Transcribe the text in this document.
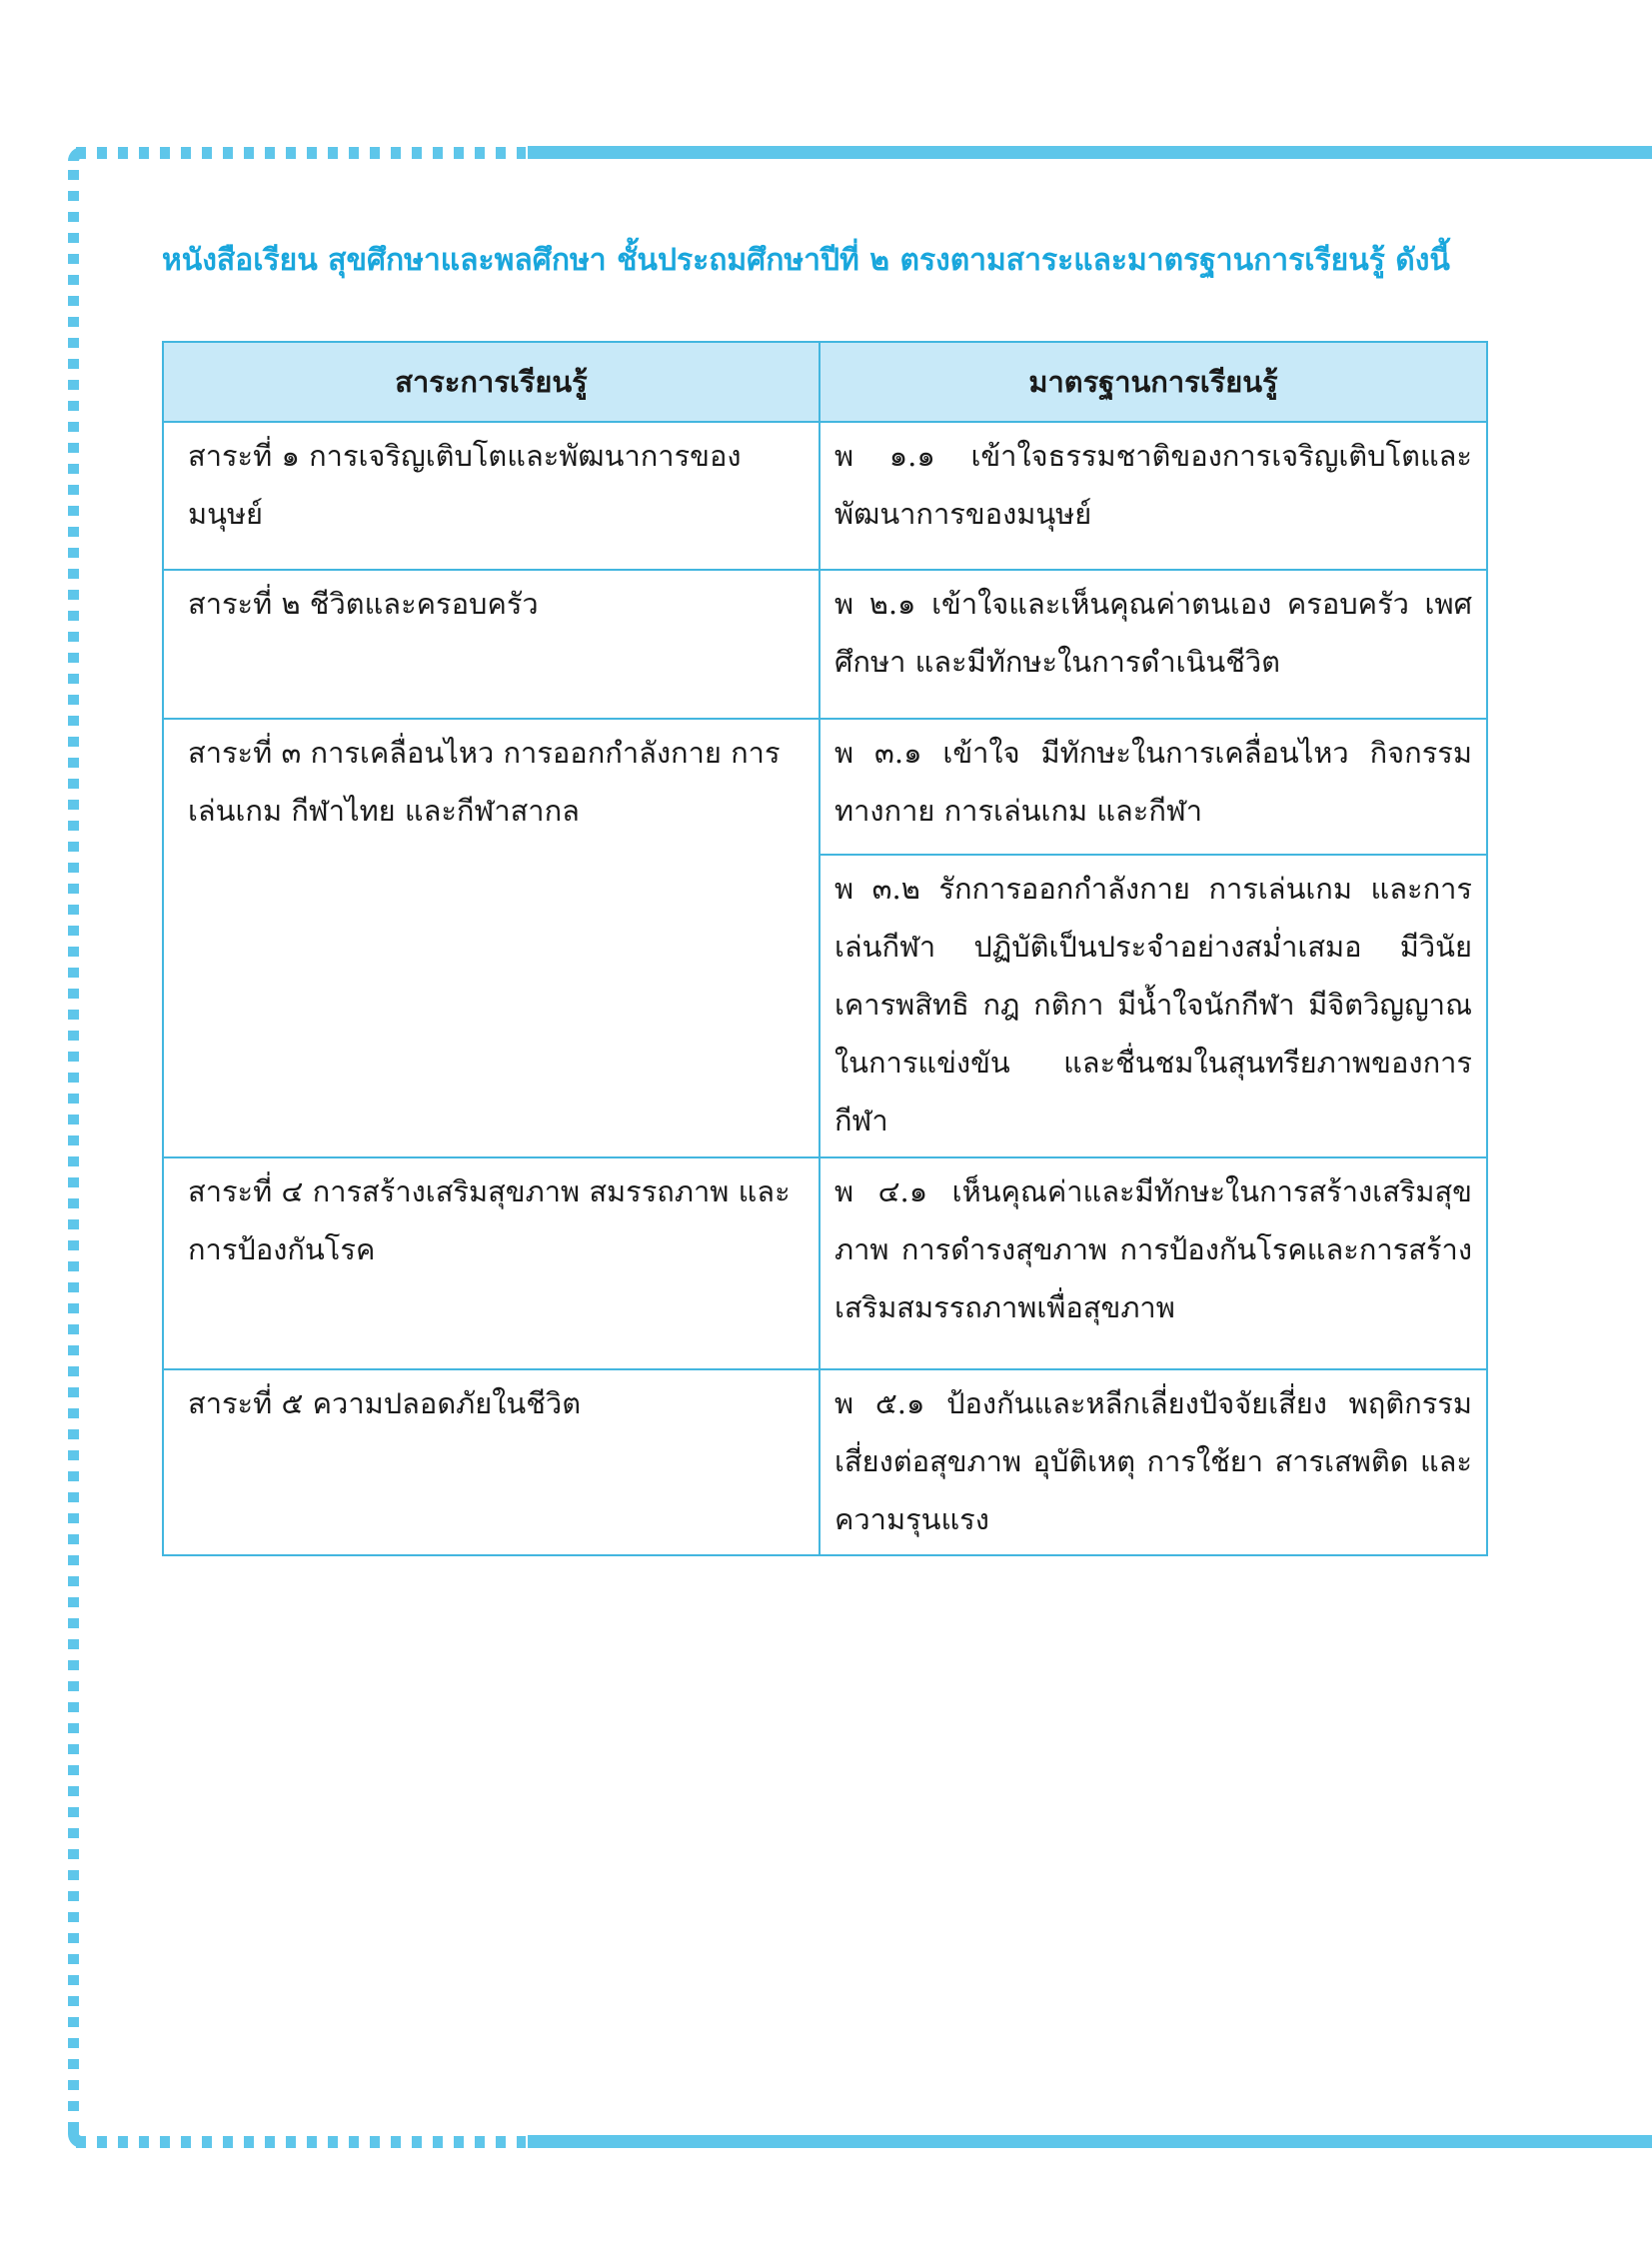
หนังสือเรียน สุขศึกษาและพลศึกษา ชั้นประถมศึกษาปีที่ ๒ ตรงตามสาระและมาตรฐานการเรียนรู้ ดังนี้
สาระการเรียนรู้	มาตรฐานการเรียนรู้
สาระที่ ๑ การเจริญเติบโตและพัฒนาการของมนุษย์	พ ๑.๑ เข้าใจธรรมชาติของการเจริญเติบโตและพัฒนาการของมนุษย์
สาระที่ ๒ ชีวิตและครอบครัว	พ ๒.๑ เข้าใจและเห็นคุณค่าตนเอง ครอบครัว เพศศึกษา และมีทักษะในการดำเนินชีวิต
สาระที่ ๓ การเคลื่อนไหว การออกกำลังกาย การเล่นเกม กีฬาไทย และกีฬาสากล	พ ๓.๑ เข้าใจ มีทักษะในการเคลื่อนไหว กิจกรรมทางกาย การเล่นเกม และกีฬา
	พ ๓.๒ รักการออกกำลังกาย การเล่นเกม และการเล่นกีฬา ปฏิบัติเป็นประจำอย่างสม่ำเสมอ มีวินัย เคารพสิทธิ กฎ กติกา มีน้ำใจนักกีฬา มีจิตวิญญาณในการแข่งขัน และชื่นชมในสุนทรียภาพของการกีฬา
สาระที่ ๔ การสร้างเสริมสุขภาพ สมรรถภาพ และการป้องกันโรค	พ ๔.๑ เห็นคุณค่าและมีทักษะในการสร้างเสริมสุขภาพ การดำรงสุขภาพ การป้องกันโรคและการสร้างเสริมสมรรถภาพเพื่อสุขภาพ
สาระที่ ๕ ความปลอดภัยในชีวิต	พ ๕.๑ ป้องกันและหลีกเลี่ยงปัจจัยเสี่ยง พฤติกรรมเสี่ยงต่อสุขภาพ อุบัติเหตุ การใช้ยา สารเสพติด และความรุนแรง
